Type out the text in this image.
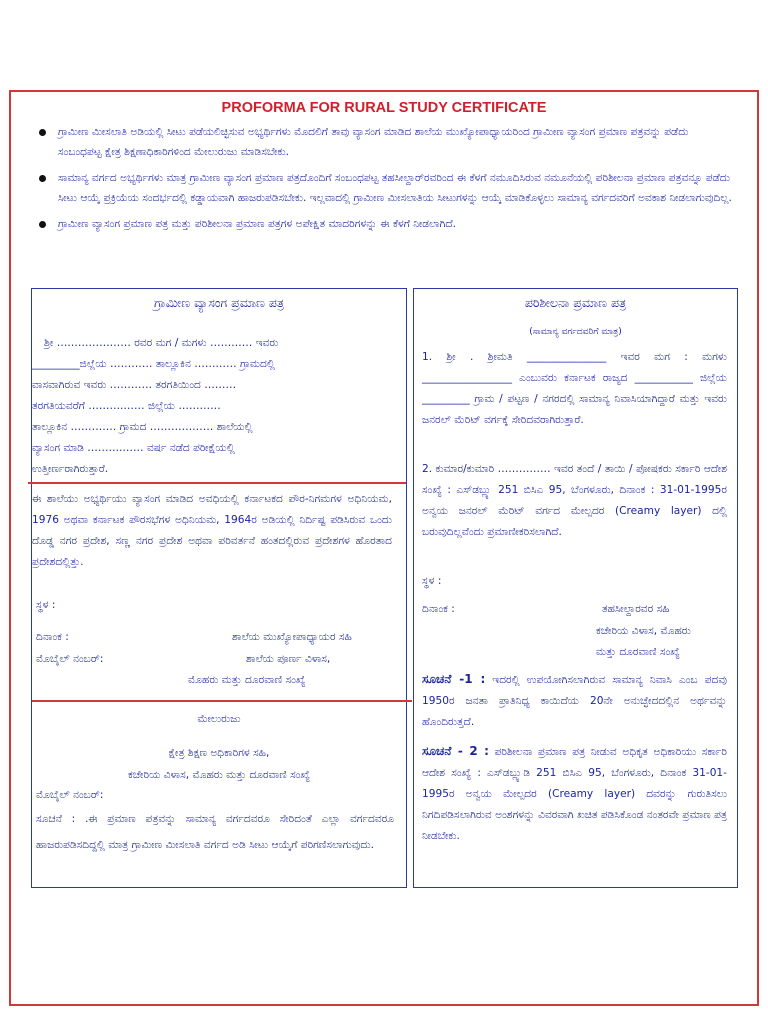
PROFORMA FOR RURAL STUDY CERTIFICATE
ಗ್ರಾಮೀಣ ಮೀಸಲಾತಿ ಅಡಿಯಲ್ಲಿ ಸೀಟು ಪಡೆಯಲಿಚ್ಛಿಸುವ ಅಭ್ಯರ್ಥಿಗಳು ಮೊದಲಿಗೆ ತಾವು ವ್ಯಾಸಂಗ ಮಾಡಿದ ಶಾಲೆಯ ಮುಖ್ಯೋಪಾಧ್ಯಾಯರಿಂದ ಗ್ರಾಮೀಣ ವ್ಯಾಸಂಗ ಪ್ರಮಾಣ ಪತ್ರವನ್ನು ಪಡೆದು ಸಂಬಂಧಪಟ್ಟ ಕ್ಷೇತ್ರ ಶಿಕ್ಷಣಾಧಿಕಾರಿಗಳಿಂದ ಮೇಲುರುಜು ಮಾಡಿಸಬೇಕು.
ಸಾಮಾನ್ಯ ವರ್ಗದ ಅಭ್ಯರ್ಥಿಗಳು ಮಾತ್ರ ಗ್ರಾಮೀಣ ವ್ಯಾಸಂಗ ಪ್ರಮಾಣ ಪತ್ರದೊಂದಿಗೆ ಸಂಬಂಧಪಟ್ಟ ತಹಸೀಲ್ದಾರ್‌ರವರಿಂದ ಈ ಕೆಳಗೆ ನಮೂದಿಸಿರುವ ನಮೂನೆಯಲ್ಲಿ ಪರಿಶೀಲನಾ ಪ್ರಮಾಣ ಪತ್ರವನ್ನೂ ಪಡೆದು ಸೀಟು ಆಯ್ಕೆ ಪ್ರಕ್ರಿಯೆಯ ಸಂದರ್ಭದಲ್ಲಿ ಕಡ್ಡಾಯವಾಗಿ ಹಾಜರುಪಡಿಸಬೇಕು. ಇಲ್ಲವಾದಲ್ಲಿ ಗ್ರಾಮೀಣ ಮೀಸಲಾತಿಯ ಸೀಟುಗಳನ್ನು ಆಯ್ಕೆ ಮಾಡಿಕೊಳ್ಳಲು ಸಾಮಾನ್ಯ ವರ್ಗದವರಿಗೆ ಅವಕಾಶ ನೀಡಲಾಗುವುದಿಲ್ಲ.
ಗ್ರಾಮೀಣ ವ್ಯಾಸಂಗ ಪ್ರಮಾಣ ಪತ್ರ ಮತ್ತು ಪರಿಶೀಲನಾ ಪ್ರಮಾಣ ಪತ್ರಗಳ ಅಪೇಕ್ಷಿತ ಮಾದರಿಗಳನ್ನು ಈ ಕೆಳಗೆ ನೀಡಲಾಗಿದೆ.
ಗ್ರಾಮೀಣ ವ್ಯಾಸಂಗ ಪ್ರಮಾಣ ಪತ್ರ
ಶ್ರೀ ………………… ರವರ ಮಗ / ಮಗಳು ………… ಇವರು
_________ಜಿಲ್ಲೆಯ ………… ತಾಲ್ಲೂಕಿನ ………… ಗ್ರಾಮದಲ್ಲಿ
ವಾಸವಾಗಿರುವ ಇವರು ………… ತರಗತಿಯಿಂದ ………
ತರಗತಿಯವರೆಗೆ ……….…… ಜಿಲ್ಲೆಯ …………
ತಾಲ್ಲೂಕಿನ …………. ಗ್ರಾಮದ ……………… ಶಾಲೆಯಲ್ಲಿ
ವ್ಯಾಸಂಗ ಮಾಡಿ ……….…… ವರ್ಷ ನಡೆದ ಪರೀಕ್ಷೆಯಲ್ಲಿ
ಉತ್ತೀರ್ಣರಾಗಿರುತ್ತಾರೆ.

ಈ ಶಾಲೆಯು ಅಭ್ಯರ್ಥಿಯು ವ್ಯಾಸಂಗ ಮಾಡಿದ ಅವಧಿಯಲ್ಲಿ ಕರ್ನಾಟಕದ ಪೌರ-ನಿಗಮಗಳ ಅಧಿನಿಯಮ, 1976 ಅಥವಾ ಕರ್ನಾಟಕ ಪೌರಸಭೆಗಳ ಅಧಿನಿಯಮ, 1964ರ ಅಡಿಯಲ್ಲಿ ನಿರ್ದಿಷ್ಟ ಪಡಿಸಿರುವ ಒಂದು ದೊಡ್ಡ ನಗರ ಪ್ರದೇಶ, ಸಣ್ಣ ನಗರ ಪ್ರದೇಶ ಅಥವಾ ಪರಿವರ್ತನೆ ಹಂತದಲ್ಲಿರುವ ಪ್ರದೇಶಗಳ ಹೊರತಾದ ಪ್ರದೇಶದಲ್ಲಿತ್ತು.

ಸ್ಥಳ :
ದಿನಾಂಕ :	ಶಾಲೆಯ ಮುಖ್ಯೋಪಾಧ್ಯಾಯರ ಸಹಿ
ಮೊಬೈಲ್ ನಂಬರ್:	ಶಾಲೆಯ ಪೂರ್ಣ ವಿಳಾಸ,
ಮೊಹರು ಮತ್ತು ದೂರವಾಣಿ ಸಂಖ್ಯೆ
ಮೇಲುರುಜು
ಕ್ಷೇತ್ರ ಶಿಕ್ಷಣ ಅಧಿಕಾರಿಗಳ ಸಹಿ,
ಕಚೇರಿಯ ವಿಳಾಸ, ಮೊಹರು ಮತ್ತು ದೂರವಾಣಿ ಸಂಖ್ಯೆ
ಮೊಬೈಲ್ ನಂಬರ್:

ಸೂಚನೆ : .ಈ ಪ್ರಮಾಣ ಪತ್ರವನ್ನು ಸಾಮಾನ್ಯ ವರ್ಗದವರೂ ಸೇರಿದಂತೆ ಎಲ್ಲಾ ವರ್ಗದವರೂ ಹಾಜರುಪಡಿಸದಿದ್ದಲ್ಲಿ ಮಾತ್ರ ಗ್ರಾಮೀಣ ಮೀಸಲಾತಿ ವರ್ಗದ ಅಡಿ ಸೀಟು ಆಯ್ಕೆಗೆ ಪರಿಗಣಿಸಲಾಗುವುದು.

ಪರಿಶೀಲನಾ ಪ್ರಮಾಣ ಪತ್ರ
(ಸಾಮಾನ್ಯ ವರ್ಗದವರಿಗೆ ಮಾತ್ರ)

1. ಶ್ರೀ . ಶ್ರೀಮತಿ _______________ ಇವರ ಮಗ : ಮಗಳು _________________ ಎಂಬುವರು ಕರ್ನಾಟಕ ರಾಜ್ಯದ ___________ ಜಿಲ್ಲೆಯ _________ ಗ್ರಾಮ / ಪಟ್ಟಣ / ನಗರದಲ್ಲಿ ಸಾಮಾನ್ಯ ನಿವಾಸಿಯಾಗಿದ್ದಾರೆ ಮತ್ತು ಇವರು ಜನರಲ್ ಮೆರಿಟ್ ವರ್ಗಕ್ಕೆ ಸೇರಿದವರಾಗಿರುತ್ತಾರೆ.

2. ಕುಮಾರ/ಕುಮಾರಿ …………… ಇವರ ತಂದೆ / ತಾಯಿ / ಪೋಷಕರು ಸರ್ಕಾರಿ ಆದೇಶ ಸಂಖ್ಯೆ : ಎಸ್‌ಡಬ್ಲ್ಯು 251 ಬಿಸಿಎ 95, ಬೆಂಗಳೂರು, ದಿನಾಂಕ : 31-01-1995ರ ಅನ್ವಯ ಜನರಲ್ ಮೆರಿಟ್ ವರ್ಗದ ಮೇಲ್ಪದರ (Creamy layer) ದಲ್ಲಿ ಬರುವುದಿಲ್ಲವೆಂದು ಪ್ರಮಾಣೀಕರಿಸಲಾಗಿದೆ.

ಸ್ಥಳ :
ದಿನಾಂಕ :	ತಹಸೀಲ್ದಾರವರ ಸಹಿ
ಕಚೇರಿಯ ವಿಳಾಸ, ಮೊಹರು
ಮತ್ತು ದೂರವಾಣಿ ಸಂಖ್ಯೆ

ಸೂಚನೆ -1 : ಇದರಲ್ಲಿ ಉಪಯೋಗಿಸಲಾಗಿರುವ ಸಾಮಾನ್ಯ ನಿವಾಸಿ ಎಂಬ ಪದವು 1950ರ ಜನತಾ ಪ್ರಾತಿನಿಧ್ಯ ಕಾಯಿದೆಯ 20ನೇ ಅನುಚ್ಛೇದದಲ್ಲಿನ ಅರ್ಥವನ್ನು ಹೊಂದಿರುತ್ತದೆ.

ಸೂಚನೆ - 2 : ಪರಿಶೀಲನಾ ಪ್ರಮಾಣ ಪತ್ರ ನೀಡುವ ಅಧಿಕೃತ ಅಧಿಕಾರಿಯು ಸರ್ಕಾರಿ ಆದೇಶ ಸಂಖ್ಯೆ : ಎಸ್‌ಡಬ್ಲ್ಯುಡಿ 251 ಬಿಸಿಎ 95, ಬೆಂಗಳೂರು, ದಿನಾಂಕ 31-01-1995ರ ಅನ್ವಯ ಮೇಲ್ಪದರ (Creamy layer) ದವರನ್ನು ಗುರುತಿಸಲು ನಿಗದಿಪಡಿಸಲಾಗಿರುವ ಅಂಶಗಳನ್ನು ವಿವರವಾಗಿ ಖಚಿತ ಪಡಿಸಿಕೊಂಡ ನಂತರವೇ ಪ್ರಮಾಣ ಪತ್ರ ನೀಡಬೇಕು.
